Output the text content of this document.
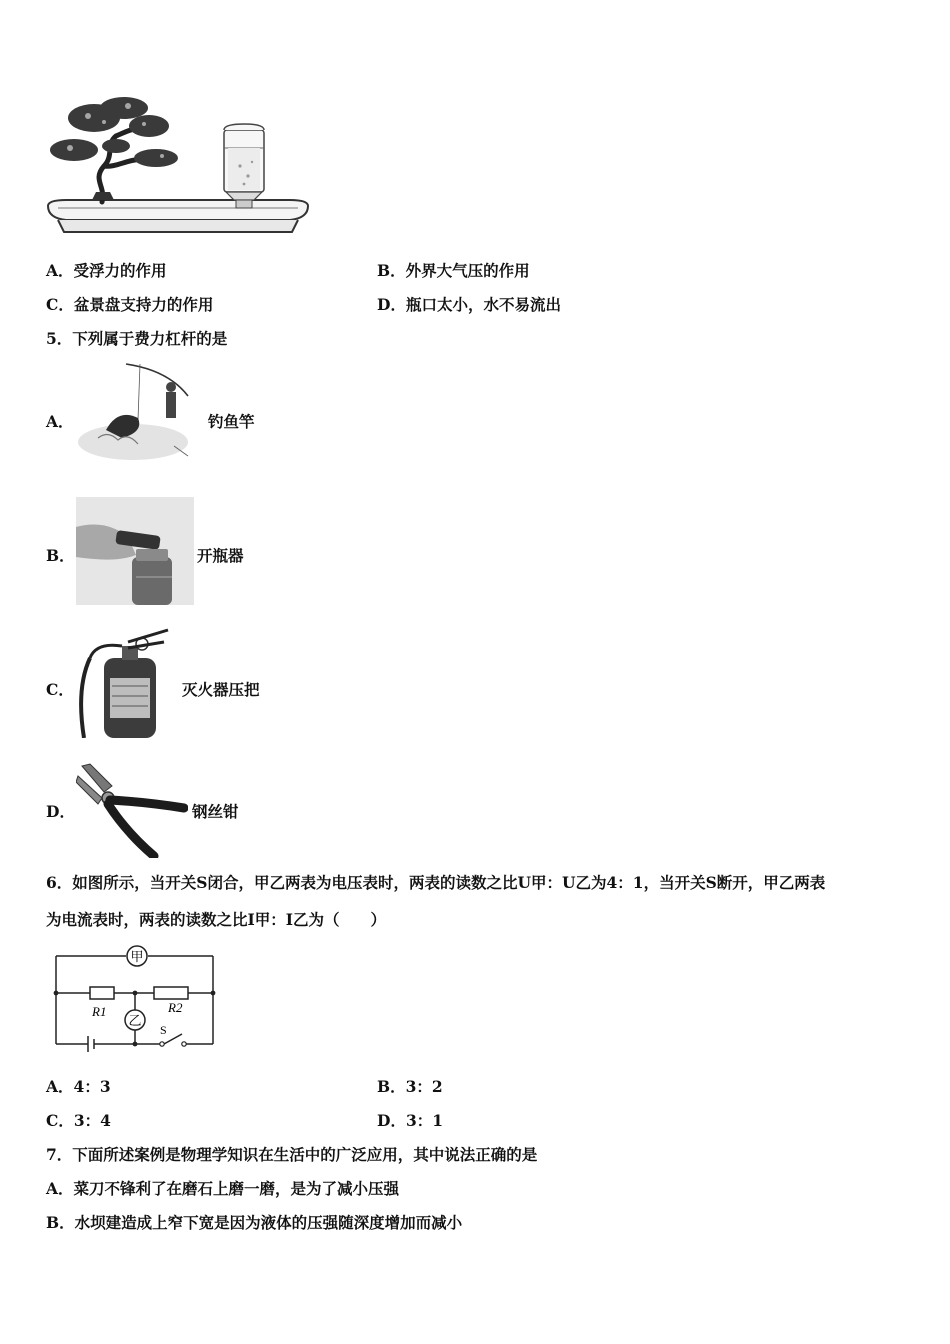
A．受浮力的作用	B．外界大气压的作用
C．盆景盘支持力的作用	D．瓶口太小，水不易流出
5．下列属于费力杠杆的是
A．	钓鱼竿
B．	开瓶器
C．	灭火器压把
D．	钢丝钳
6．如图所示，当开关S闭合，甲乙两表为电压表时，两表的读数之比U甲：U乙为4：1，当开关S断开，甲乙两表
为电流表时，两表的读数之比I甲：I乙为（　　）
甲
乙
R1	R2
S
A．4：3	B．3：2
C．3：4	D．3：1
7．下面所述案例是物理学知识在生活中的广泛应用，其中说法正确的是
A．菜刀不锋利了在磨石上磨一磨，是为了减小压强
B．水坝建造成上窄下宽是因为液体的压强随深度增加而减小
